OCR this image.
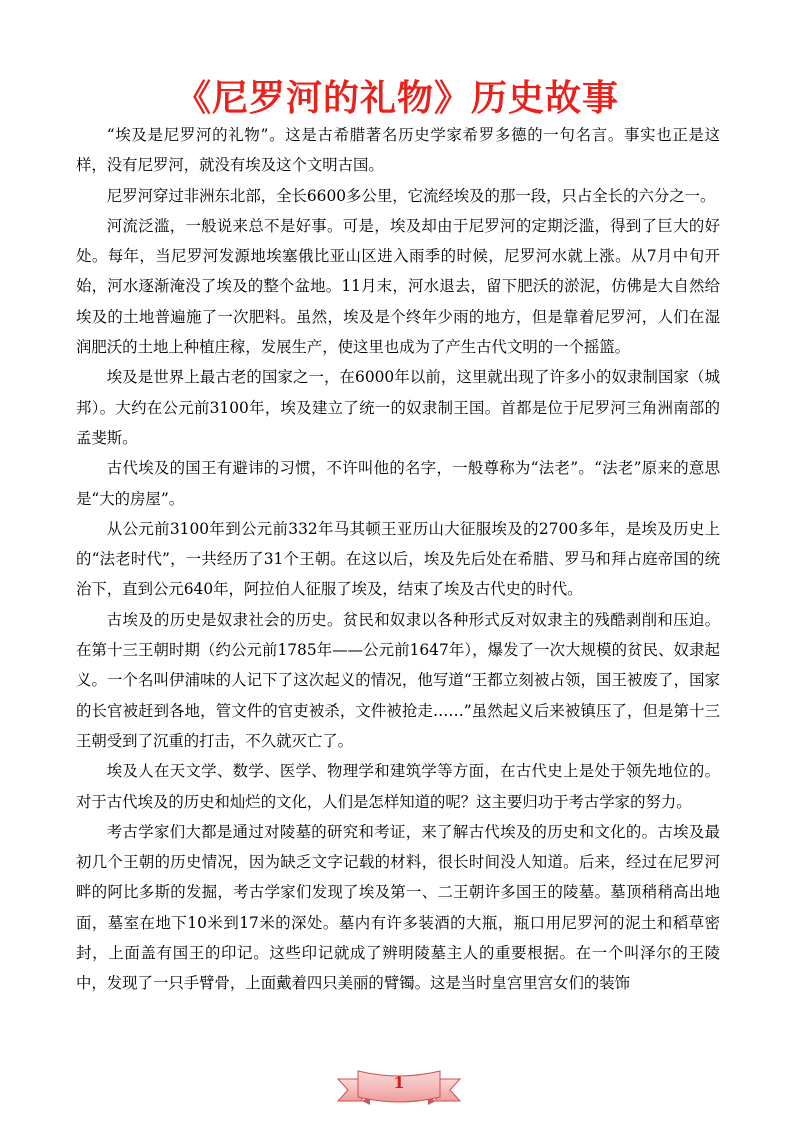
《尼罗河的礼物》历史故事

“埃及是尼罗河的礼物”。这是古希腊著名历史学家希罗多德的一句名言。事实也正是这样，没有尼罗河，就没有埃及这个文明古国。

尼罗河穿过非洲东北部，全长6600多公里，它流经埃及的那一段，只占全长的六分之一。

河流泛滥，一般说来总不是好事。可是，埃及却由于尼罗河的定期泛滥，得到了巨大的好处。每年，当尼罗河发源地埃塞俄比亚山区进入雨季的时候，尼罗河水就上涨。从7月中旬开始，河水逐渐淹没了埃及的整个盆地。11月末，河水退去，留下肥沃的淤泥，仿佛是大自然给埃及的土地普遍施了一次肥料。虽然，埃及是个终年少雨的地方，但是靠着尼罗河，人们在湿润肥沃的土地上种植庄稼，发展生产，使这里也成为了产生古代文明的一个摇篮。

埃及是世界上最古老的国家之一，在6000年以前，这里就出现了许多小的奴隶制国家（城邦）。大约在公元前3100年，埃及建立了统一的奴隶制王国。首都是位于尼罗河三角洲南部的孟斐斯。

古代埃及的国王有避讳的习惯，不许叫他的名字，一般尊称为“法老”。“法老”原来的意思是“大的房屋”。

从公元前3100年到公元前332年马其顿王亚历山大征服埃及的2700多年，是埃及历史上的“法老时代”，一共经历了31个王朝。在这以后，埃及先后处在希腊、罗马和拜占庭帝国的统治下，直到公元640年，阿拉伯人征服了埃及，结束了埃及古代史的时代。

古埃及的历史是奴隶社会的历史。贫民和奴隶以各种形式反对奴隶主的残酷剥削和压迫。在第十三王朝时期（约公元前1785年——公元前1647年），爆发了一次大规模的贫民、奴隶起义。一个名叫伊浦味的人记下了这次起义的情况，他写道“王都立刻被占领，国王被废了，国家的长官被赶到各地，管文件的官吏被杀，文件被抢走……”虽然起义后来被镇压了，但是第十三王朝受到了沉重的打击，不久就灭亡了。

埃及人在天文学、数学、医学、物理学和建筑学等方面，在古代史上是处于领先地位的。对于古代埃及的历史和灿烂的文化，人们是怎样知道的呢？这主要归功于考古学家的努力。

考古学家们大都是通过对陵墓的研究和考证，来了解古代埃及的历史和文化的。古埃及最初几个王朝的历史情况，因为缺乏文字记载的材料，很长时间没人知道。后来，经过在尼罗河畔的阿比多斯的发掘，考古学家们发现了埃及第一、二王朝许多国王的陵墓。墓顶稍稍高出地面，墓室在地下10米到17米的深处。墓内有许多装酒的大瓶，瓶口用尼罗河的泥土和稻草密封，上面盖有国王的印记。这些印记就成了辨明陵墓主人的重要根据。在一个叫泽尔的王陵中，发现了一只手臂骨，上面戴着四只美丽的臂镯。这是当时皇宫里宫女们的装饰

1
